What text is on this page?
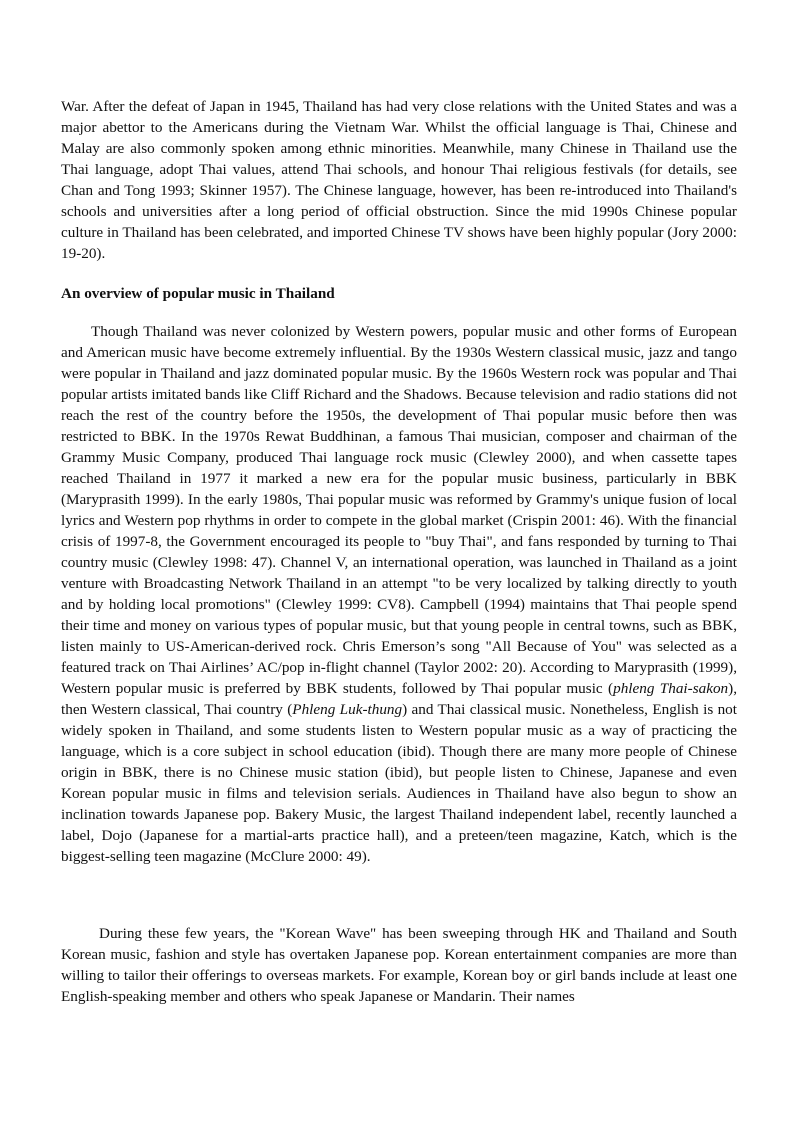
War. After the defeat of Japan in 1945, Thailand has had very close relations with the United States and was a major abettor to the Americans during the Vietnam War. Whilst the official language is Thai, Chinese and Malay are also commonly spoken among ethnic minorities. Meanwhile, many Chinese in Thailand use the Thai language, adopt Thai values, attend Thai schools, and honour Thai religious festivals (for details, see Chan and Tong 1993; Skinner 1957). The Chinese language, however, has been re-introduced into Thailand's schools and universities after a long period of official obstruction. Since the mid 1990s Chinese popular culture in Thailand has been celebrated, and imported Chinese TV shows have been highly popular (Jory 2000: 19-20).

An overview of popular music in Thailand

Though Thailand was never colonized by Western powers, popular music and other forms of European and American music have become extremely influential. By the 1930s Western classical music, jazz and tango were popular in Thailand and jazz dominated popular music. By the 1960s Western rock was popular and Thai popular artists imitated bands like Cliff Richard and the Shadows. Because television and radio stations did not reach the rest of the country before the 1950s, the development of Thai popular music before then was restricted to BBK. In the 1970s Rewat Buddhinan, a famous Thai musician, composer and chairman of the Grammy Music Company, produced Thai language rock music (Clewley 2000), and when cassette tapes reached Thailand in 1977 it marked a new era for the popular music business, particularly in BBK (Maryprasith 1999). In the early 1980s, Thai popular music was reformed by Grammy's unique fusion of local lyrics and Western pop rhythms in order to compete in the global market (Crispin 2001: 46). With the financial crisis of 1997-8, the Government encouraged its people to "buy Thai", and fans responded by turning to Thai country music (Clewley 1998: 47). Channel V, an international operation, was launched in Thailand as a joint venture with Broadcasting Network Thailand in an attempt "to be very localized by talking directly to youth and by holding local promotions" (Clewley 1999: CV8). Campbell (1994) maintains that Thai people spend their time and money on various types of popular music, but that young people in central towns, such as BBK, listen mainly to US-American-derived rock. Chris Emerson’s song "All Because of You" was selected as a featured track on Thai Airlines’ AC/pop in-flight channel (Taylor 2002: 20). According to Maryprasith (1999), Western popular music is preferred by BBK students, followed by Thai popular music (phleng Thai-sakon), then Western classical, Thai country (Phleng Luk-thung) and Thai classical music. Nonetheless, English is not widely spoken in Thailand, and some students listen to Western popular music as a way of practicing the language, which is a core subject in school education (ibid). Though there are many more people of Chinese origin in BBK, there is no Chinese music station (ibid), but people listen to Chinese, Japanese and even Korean popular music in films and television serials. Audiences in Thailand have also begun to show an inclination towards Japanese pop. Bakery Music, the largest Thailand independent label, recently launched a label, Dojo (Japanese for a martial-arts practice hall), and a preteen/teen magazine, Katch, which is the biggest-selling teen magazine (McClure 2000: 49).

During these few years, the "Korean Wave" has been sweeping through HK and Thailand and South Korean music, fashion and style has overtaken Japanese pop. Korean entertainment companies are more than willing to tailor their offerings to overseas markets. For example, Korean boy or girl bands include at least one English-speaking member and others who speak Japanese or Mandarin. Their names
